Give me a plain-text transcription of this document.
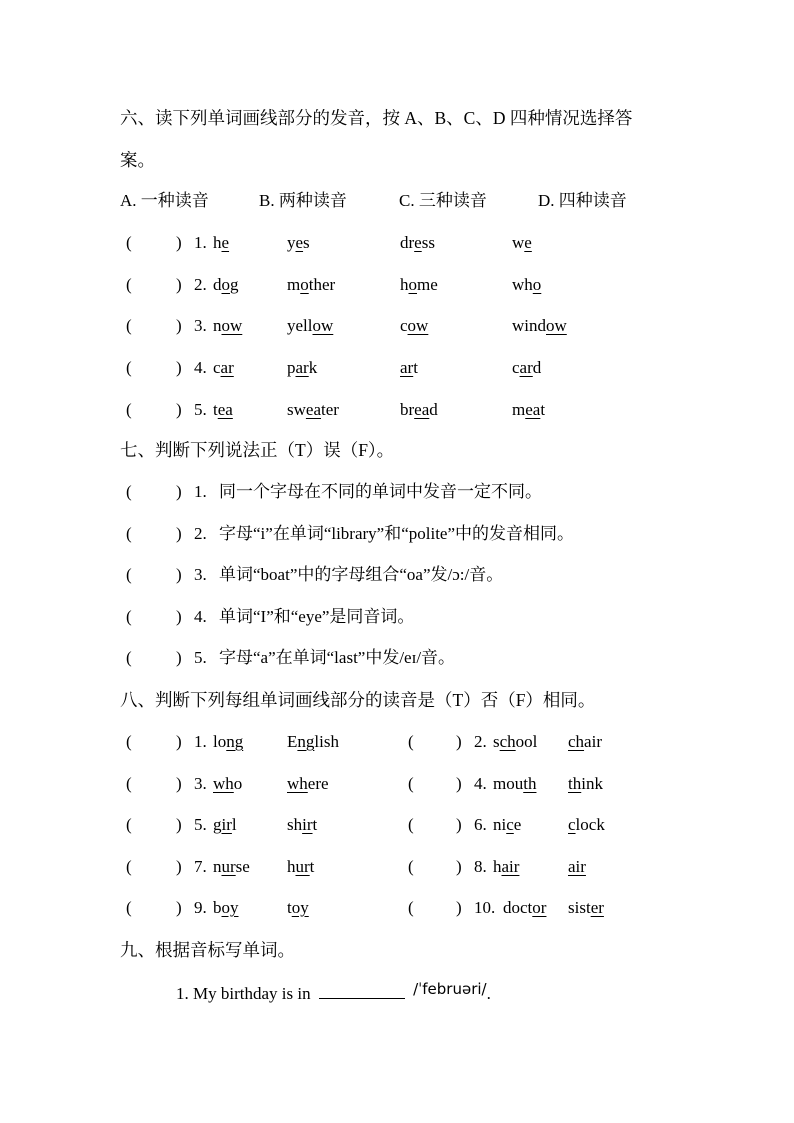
六、读下列单词画线部分的发音，按 A、B、C、D 四种情况选择答
案。
A. 一种读音	B. 两种读音	C. 三种读音	D. 四种读音
(	) 1. he	yes	dress	we
(	) 2. dog	mother	home	who
(	) 3. now	yellow	cow	window
(	) 4. car	park	art	card
(	) 5. tea	sweater	bread	meat
七、判断下列说法正（T）误（F）。
(	) 1. 同一个字母在不同的单词中发音一定不同。
(	) 2. 字母“i”在单词“library”和“polite”中的发音相同。
(	) 3. 单词“boat”中的字母组合“oa”发/ɔ:/音。
(	) 4. 单词“I”和“eye”是同音词。
(	) 5. 字母“a”在单词“last”中发/eɪ/音。
八、判断下列每组单词画线部分的读音是（T）否（F）相同。
(	) 1. long	English	( ) 2. school chair
(	) 3. who	where	( ) 4. mouth think
(	) 5. girl	shirt	( ) 6. nice	clock
(	) 7. nurse hurt	( ) 8. hair	air
(	) 9. boy	toy	( ) 10. doctor sister
九、根据音标写单词。
1. My birthday is in	/ˈfebruəri/.
